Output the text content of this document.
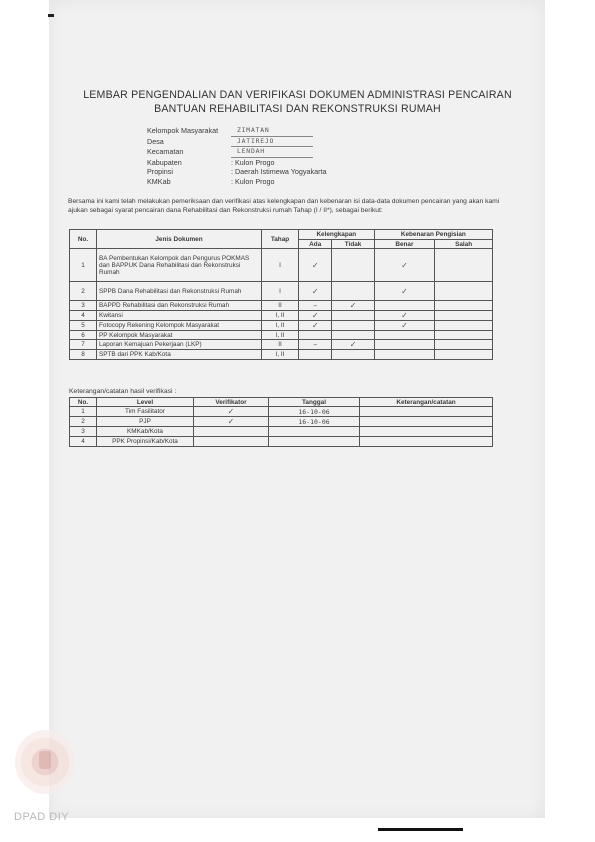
LEMBAR PENGENDALIAN DAN VERIFIKASI DOKUMEN ADMINISTRASI PENCAIRAN
BANTUAN REHABILITASI DAN REKONSTRUKSI RUMAH
Kelompok Masyarakat	ZIMATAN
Desa	JATIREJO
Kecamatan	LENDAH
Kabupaten	: Kulon Progo
Propinsi	: Daerah Istimewa Yogyakarta
KMKab	: Kulon Progo
Bersama ini kami telah melakukan pemeriksaan dan verifikasi atas kelengkapan dan kebenaran isi data-data dokumen pencairan yang akan kami ajukan sebagai syarat pencairan dana Rehabilitasi dan Rekonstruksi rumah Tahap (I / II*), sebagai berikut:
No.	Jenis Dokumen	Tahap	Kelengkapan		Kebenaran Pengisian	
			Ada	Tidak	Benar	Salah
1	BA Pembentukan Kelompok dan Pengurus POKMAS dan BAPPUK Dana Rehabilitasi dan Rekonstruksi Rumah	I	✓		✓	
2	SPPB Dana Rehabilitasi dan Rekonstruksi Rumah	I	✓		✓	
3	BAPPD Rehabilitasi dan Rekonstruksi Rumah	II	–	✓		
4	Kwitansi	I, II	✓		✓	
5	Fotocopy Rekening Kelompok Masyarakat	I, II	✓		✓	
6	PP Kelompok Masyarakat	I, II				
7	Laporan Kemajuan Pekerjaan (LKP)	II	–	✓		
8	SPTB dari PPK Kab/Kota	I, II				
Keterangan/catatan hasil verifikasi :
No.	Level	Verifikator	Tanggal	Keterangan/catatan
1	Tim Fasilitator	✓	16-10-06	
2	PJP	✓	16-10-06	
3	KMKab/Kota			
4	PPK Propinsi/Kab/Kota			
DPAD DIY
